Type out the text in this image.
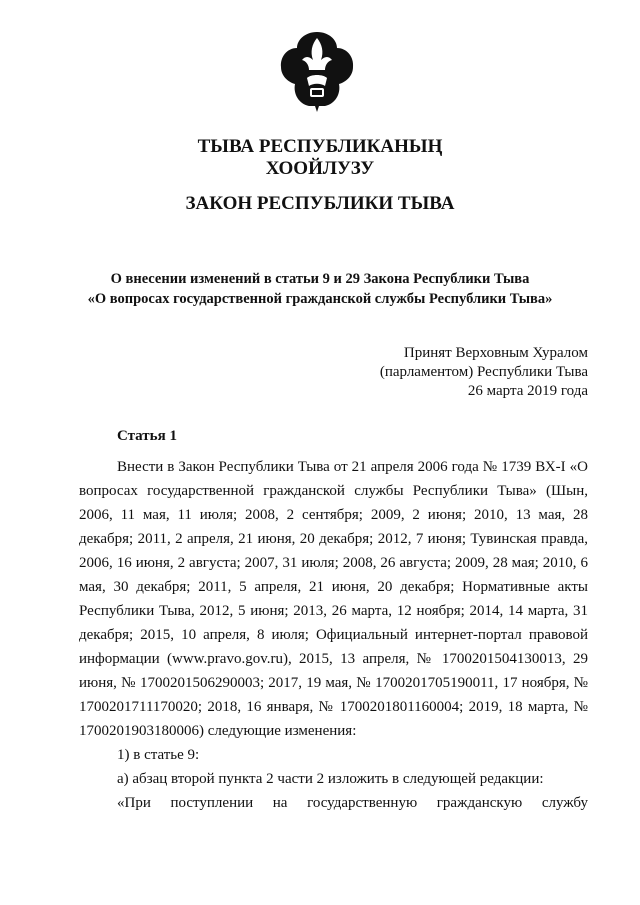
ТЫВА РЕСПУБЛИКАНЫҢ
ХООЙЛУЗУ
ЗАКОН РЕСПУБЛИКИ ТЫВА
О внесении изменений в статьи 9 и 29 Закона Республики Тыва
«О вопросах государственной гражданской службы Республики Тыва»
Принят Верховным Хуралом
(парламентом) Республики Тыва
26 марта 2019 года
Статья 1

Внести в Закон Республики Тыва от 21 апреля 2006 года № 1739 ВХ-I «О вопросах государственной гражданской службы Республики Тыва» (Шын, 2006, 11 мая, 11 июля; 2008, 2 сентября; 2009, 2 июня; 2010, 13 мая, 28 декабря; 2011, 2 апреля, 21 июня, 20 декабря; 2012, 7 июня; Тувинская правда, 2006, 16 июня, 2 августа; 2007, 31 июля; 2008, 26 августа; 2009, 28 мая; 2010, 6 мая, 30 декабря; 2011, 5 апреля, 21 июня, 20 декабря; Нормативные акты Республики Тыва, 2012, 5 июня; 2013, 26 марта, 12 ноября; 2014, 14 марта, 31 декабря; 2015, 10 апреля, 8 июля; Официальный интернет-портал правовой информации (www.pravo.gov.ru), 2015, 13 апреля, № 1700201504130013, 29 июня, № 1700201506290003; 2017, 19 мая, № 1700201705190011, 17 ноября, № 1700201711170020; 2018, 16 января, № 1700201801160004; 2019, 18 марта, № 1700201903180006) следующие изменения:

1) в статье 9:

а) абзац второй пункта 2 части 2 изложить в следующей редакции:

«При поступлении на государственную гражданскую службу
